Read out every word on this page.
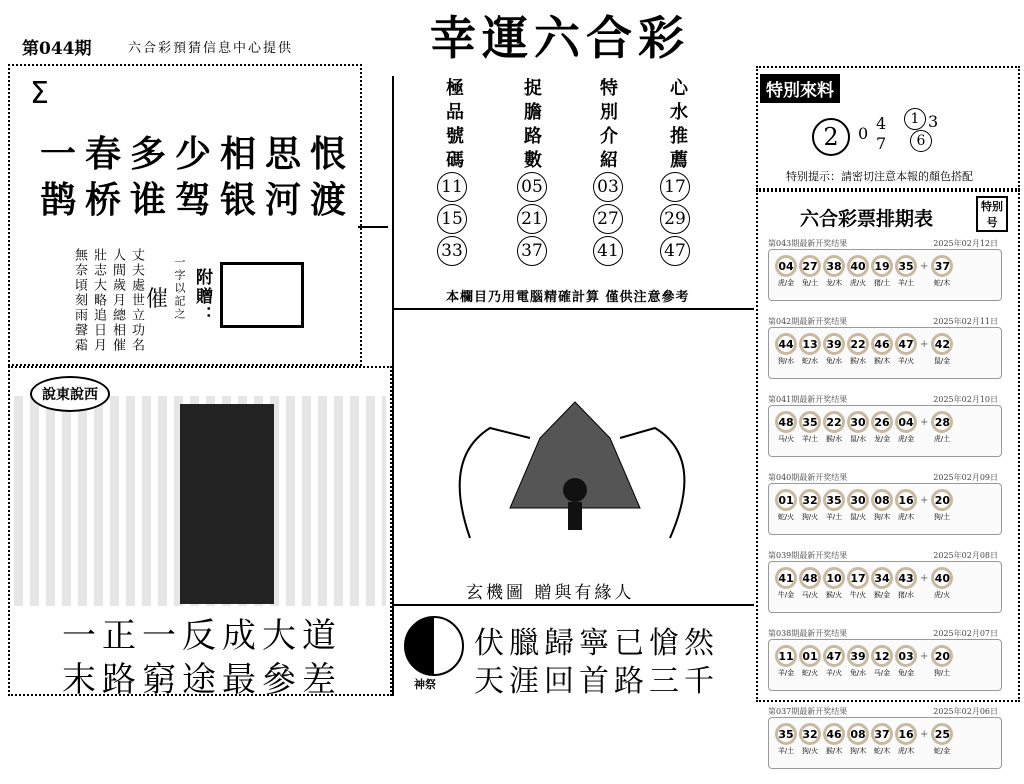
第044期	六合彩預猜信息中心提供	幸運六合彩
Σ
一春多少相思恨
鹊桥谁驾银河渡
丈夫處世立功名
人間歲月總相催
壯志大略追日月
無奈頃刻雨聲霜	催 一字以記之 附贈：
極品號碼	捉膽路數	特別介紹	心水推薦
11	05	03	17
15	21	27	29
33	37	41	47
本欄目乃用電腦精確計算 僅供注意參考
特別來料
2	0
4
7
1 3
6
特别提示：請密切注意本報的顏色搭配
六合彩票排期表
特别号
第043期最新开奖结果	2025年02月12日
04 27 38 40 19 35 + 37
虎/金	兔/土	龙/木	虎/火	猪/土	羊/土	蛇/木
第042期最新开奖结果	2025年02月11日
44 13 39 22 46 47 + 42
狗/水	蛇/水	兔/水	猴/水	猴/木	羊/火	鼠/金
第041期最新开奖结果	2025年02月10日
48 35 22 30 26 04 + 28
马/火	羊/土	猴/水	鼠/水	龙/金	虎/金	虎/土
第040期最新开奖结果	2025年02月09日
01 32 35 30 08 16 + 20
蛇/火	狗/火	羊/土	鼠/火	狗/木	虎/木	狗/土
第039期最新开奖结果	2025年02月08日
41 48 10 17 34 43 + 40
牛/金	马/火	猴/火	牛/火	猴/金	猪/水	虎/火
第038期最新开奖结果	2025年02月07日
11 01 47 39 12 03 + 20
羊/金	蛇/火	羊/火	兔/水	马/金	兔/金	狗/土
第037期最新开奖结果	2025年02月06日
35 32 46 08 37 16 + 25
羊/土	狗/火	猴/木	狗/木	蛇/木	虎/木	蛇/金
說東說西
一正一反成大道
末路窮途最參差
玄機圖 贈與有緣人
神祭
伏臘歸寧已愴然
天涯回首路三千
